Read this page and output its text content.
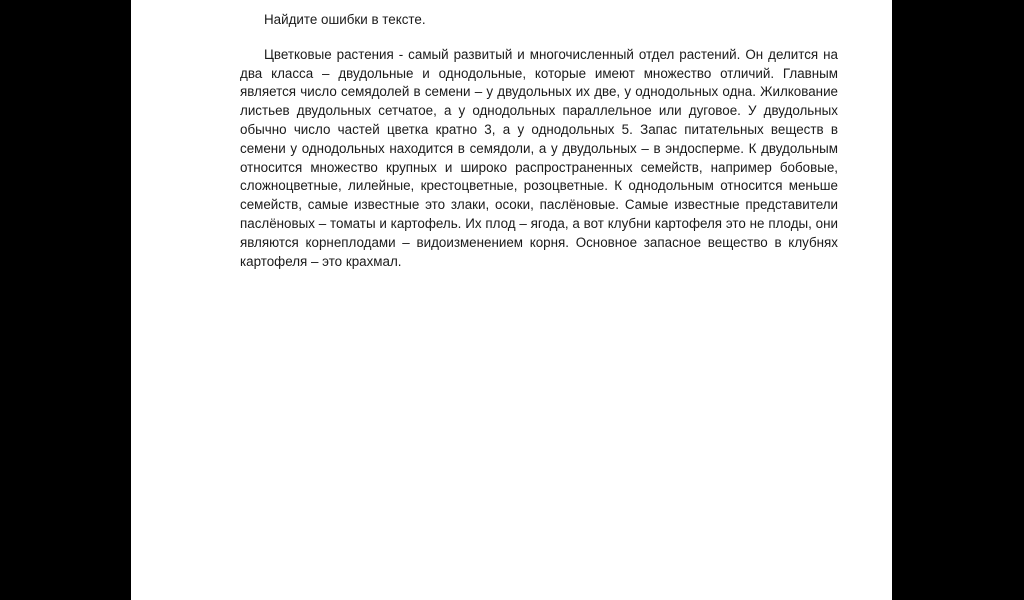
Найдите ошибки в тексте.

Цветковые растения - самый развитый и многочисленный отдел растений. Он делится на два класса – двудольные и однодольные, которые имеют множество отличий. Главным является число семядолей в семени – у двудольных их две, у однодольных одна. Жилкование листьев двудольных сетчатое, а у однодольных параллельное или дуговое. У двудольных обычно число частей цветка кратно 3, а у однодольных 5. Запас питательных веществ в семени у однодольных находится в семядоли, а у двудольных – в эндосперме. К двудольным относится множество крупных и широко распространенных семейств, например бобовые, сложноцветные, лилейные, крестоцветные, розоцветные. К однодольным относится меньше семейств, самые известные это злаки, осоки, паслёновые. Самые известные представители паслёновых – томаты и картофель. Их плод – ягода, а вот клубни картофеля это не плоды, они являются корнеплодами – видоизменением корня. Основное запасное вещество в клубнях картофеля – это крахмал.
